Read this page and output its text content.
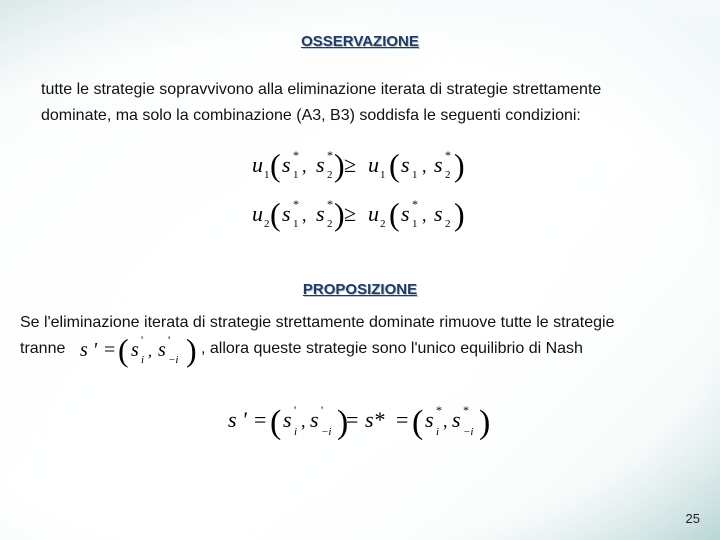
OSSERVAZIONE
tutte le strategie sopravvivono alla eliminazione iterata di strategie strettamente
dominate, ma solo la combinazione (A3, B3) soddisfa le seguenti condizioni:
u 1 ( s 1
*
, s 2
* ) ≥ u 1 ( s 1 , s 2
* )
u 2 ( s 1
*
, s 2
* ) ≥ u 2 ( s 1
*
, s 2 )
PROPOSIZIONE
Se l'eliminazione iterata di strategie strettamente dominate rimuove tutte le strategie
tranne s ' = ( s '
i , s '
−i ) , allora queste strategie sono l'unico equilibrio di Nash
s ' = ( s '
i
, s '
−i )
= s* = ( s *
i
, s *
−i )
25
